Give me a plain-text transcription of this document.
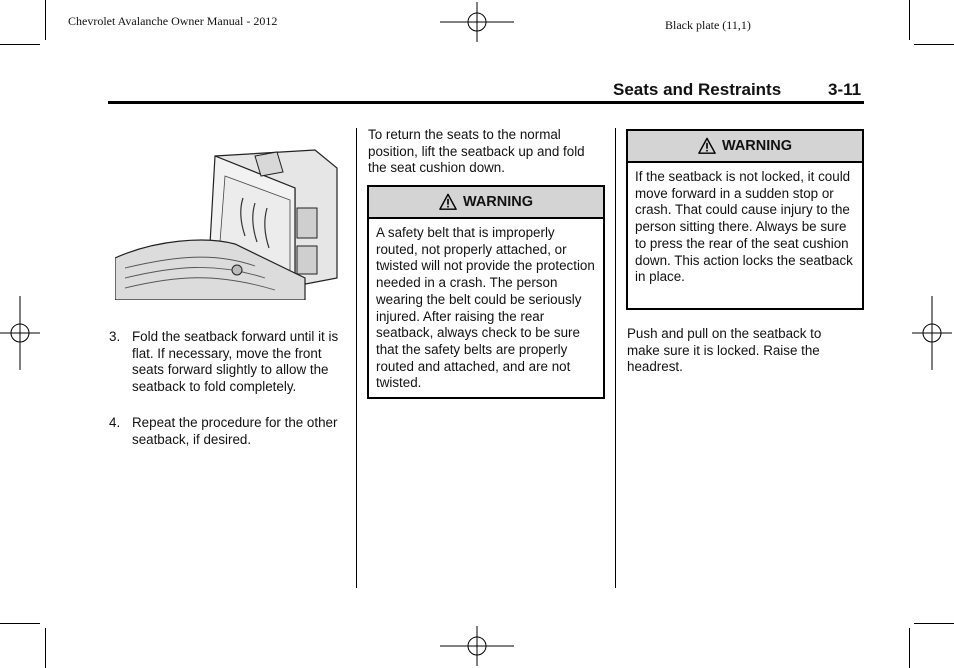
Chevrolet Avalanche Owner Manual - 2012	Black plate (11,1)
Seats and Restraints	3-11
3. Fold the seatback forward until it is flat. If necessary, move the front seats forward slightly to allow the seatback to fold completely.
4. Repeat the procedure for the other seatback, if desired.
To return the seats to the normal position, lift the seatback up and fold the seat cushion down.
WARNING
A safety belt that is improperly routed, not properly attached, or twisted will not provide the protection needed in a crash. The person wearing the belt could be seriously injured. After raising the rear seatback, always check to be sure that the safety belts are properly routed and attached, and are not twisted.
WARNING
If the seatback is not locked, it could move forward in a sudden stop or crash. That could cause injury to the person sitting there. Always be sure to press the rear of the seat cushion down. This action locks the seatback in place.
Push and pull on the seatback to make sure it is locked. Raise the headrest.
